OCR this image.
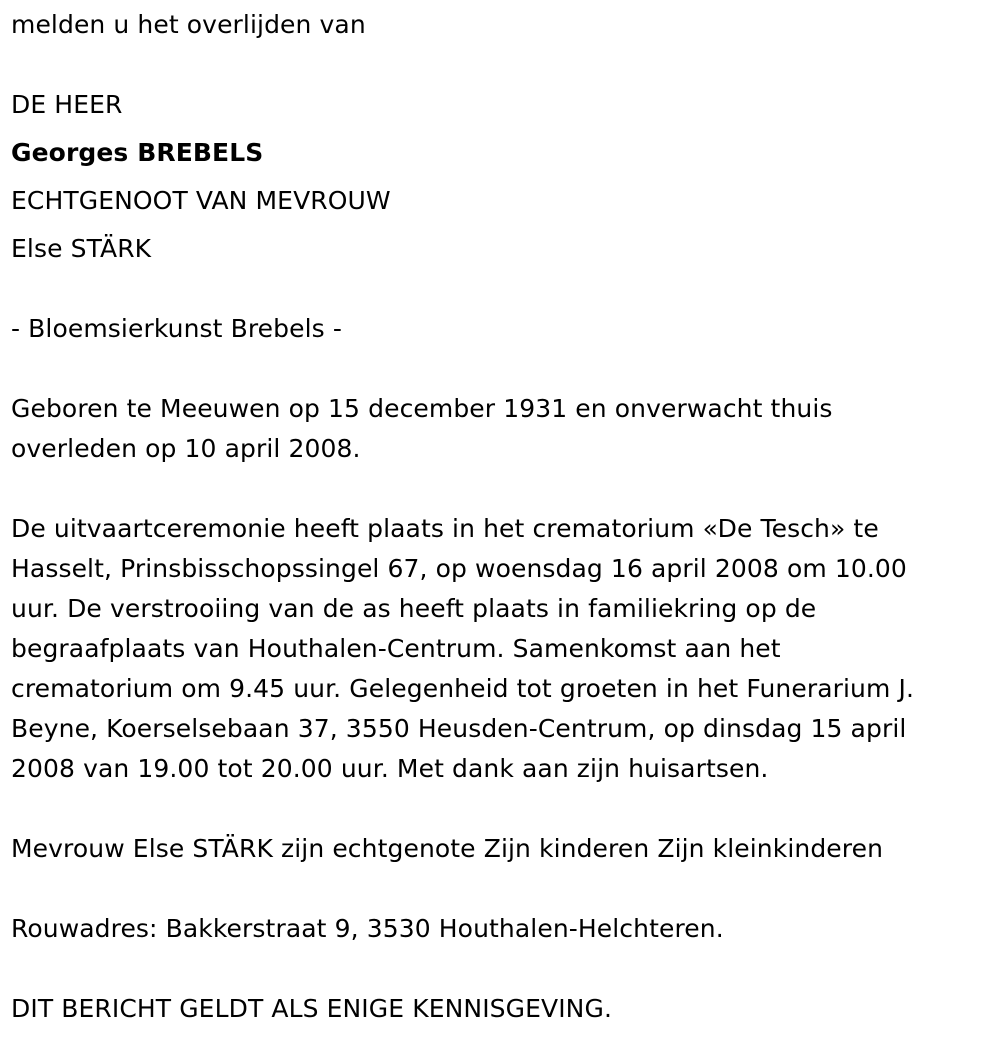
melden u het overlijden van
DE HEER
Georges BREBELS
ECHTGENOOT VAN MEVROUW
Else STÄRK
- Bloemsierkunst Brebels -
Geboren te Meeuwen op 15 december 1931 en onverwacht thuis
overleden op 10 april 2008.
De uitvaartceremonie heeft plaats in het crematorium «De Tesch» te
Hasselt, Prinsbisschopssingel 67, op woensdag 16 april 2008 om 10.00
uur. De verstrooiing van de as heeft plaats in familiekring op de
begraafplaats van Houthalen-Centrum. Samenkomst aan het
crematorium om 9.45 uur. Gelegenheid tot groeten in het Funerarium J.
Beyne, Koerselsebaan 37, 3550 Heusden-Centrum, op dinsdag 15 april
2008 van 19.00 tot 20.00 uur. Met dank aan zijn huisartsen.
Mevrouw Else STÄRK zijn echtgenote Zijn kinderen Zijn kleinkinderen
Rouwadres: Bakkerstraat 9, 3530 Houthalen-Helchteren.
DIT BERICHT GELDT ALS ENIGE KENNISGEVING.
